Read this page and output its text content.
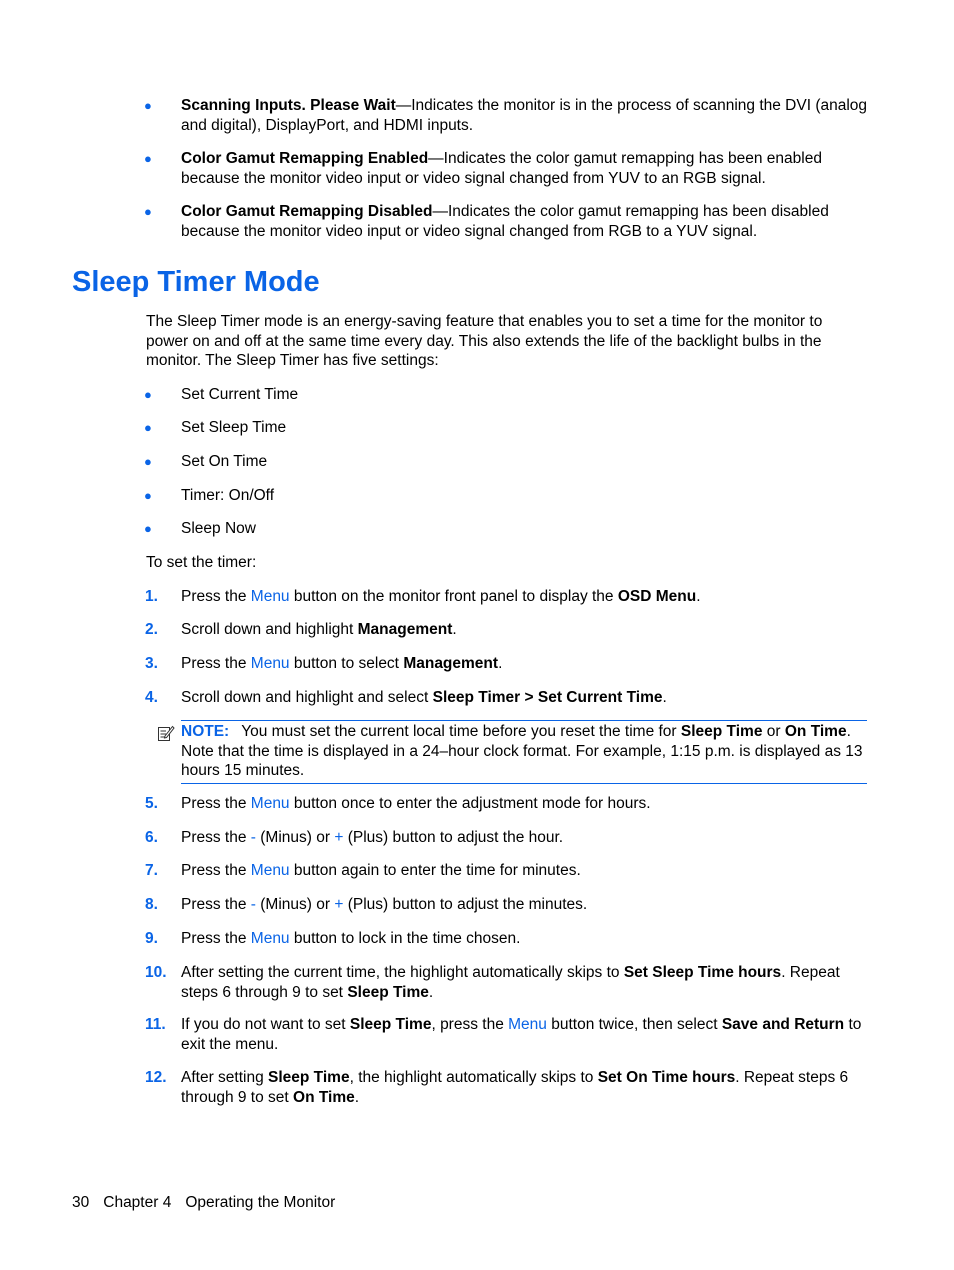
● Scanning Inputs. Please Wait—Indicates the monitor is in the process of scanning the DVI (analog and digital), DisplayPort, and HDMI inputs.
● Color Gamut Remapping Enabled—Indicates the color gamut remapping has been enabled because the monitor video input or video signal changed from YUV to an RGB signal.
● Color Gamut Remapping Disabled—Indicates the color gamut remapping has been disabled because the monitor video input or video signal changed from RGB to a YUV signal.
Sleep Timer Mode
The Sleep Timer mode is an energy-saving feature that enables you to set a time for the monitor to power on and off at the same time every day. This also extends the life of the backlight bulbs in the monitor. The Sleep Timer has five settings:
● Set Current Time
● Set Sleep Time
● Set On Time
● Timer: On/Off
● Sleep Now
To set the timer:
1. Press the Menu button on the monitor front panel to display the OSD Menu.
2. Scroll down and highlight Management.
3. Press the Menu button to select Management.
4. Scroll down and highlight and select Sleep Timer > Set Current Time.
NOTE: You must set the current local time before you reset the time for Sleep Time or On Time. Note that the time is displayed in a 24–hour clock format. For example, 1:15 p.m. is displayed as 13 hours 15 minutes.
5. Press the Menu button once to enter the adjustment mode for hours.
6. Press the - (Minus) or + (Plus) button to adjust the hour.
7. Press the Menu button again to enter the time for minutes.
8. Press the - (Minus) or + (Plus) button to adjust the minutes.
9. Press the Menu button to lock in the time chosen.
10. After setting the current time, the highlight automatically skips to Set Sleep Time hours. Repeat steps 6 through 9 to set Sleep Time.
11. If you do not want to set Sleep Time, press the Menu button twice, then select Save and Return to exit the menu.
12. After setting Sleep Time, the highlight automatically skips to Set On Time hours. Repeat steps 6 through 9 to set On Time.
30 Chapter 4 Operating the Monitor
